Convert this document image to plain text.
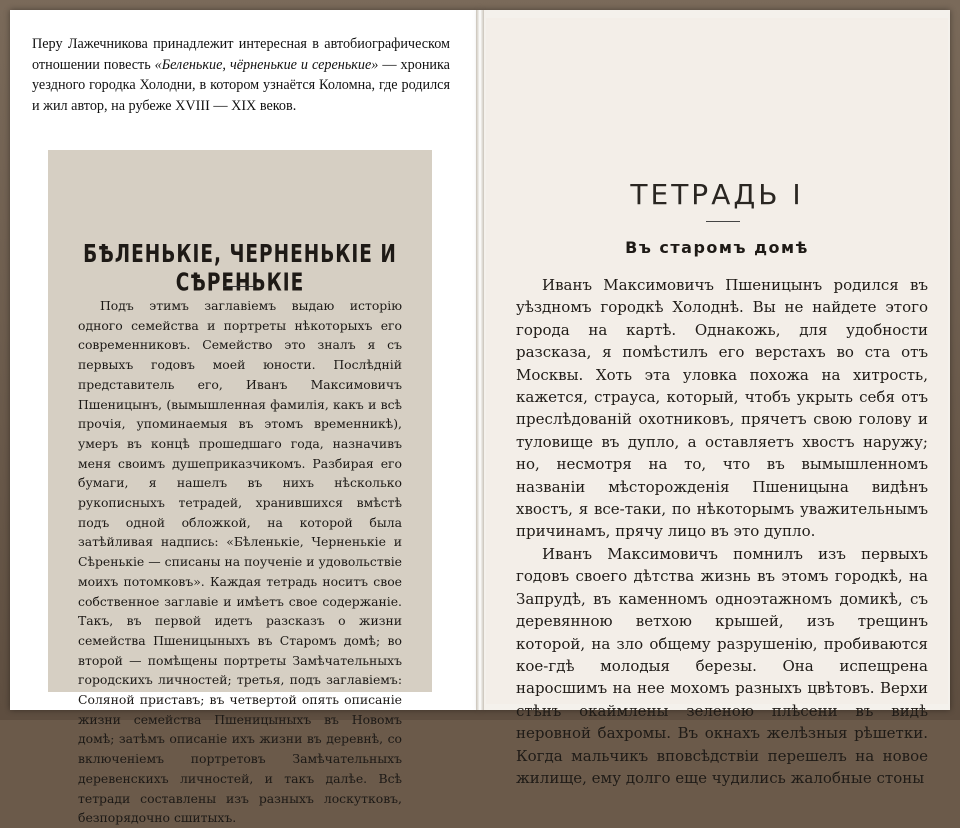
Перу Лажечникова принадлежит интересная в автобиографическом отношении повесть «Беленькие, чёрненькие и серенькие» — хроника уездного городка Холодни, в котором узнаётся Коломна, где родился и жил автор, на рубеже XVIII — XIX веков.
БѢЛЕНЬКІЕ, ЧЕРНЕНЬКІЕ И СѢРЕНЬКІЕ

Подъ этимъ заглавіемъ выдаю исторію одного семейства и портреты нѣкоторыхъ его современниковъ. Семейство это зналъ я съ первыхъ годовъ моей юности. Послѣдній представитель его, Иванъ Максимовичъ Пшеницынъ, (вымышленная фамилія, какъ и всѣ прочія, упоминаемыя въ этомъ временникѣ), умеръ въ концѣ прошедшаго года, назначивъ меня своимъ душеприказчикомъ. Разбирая его бумаги, я нашелъ въ нихъ нѣсколько рукописныхъ тетрадей, хранившихся вмѣстѣ подъ одной обложкой, на которой была затѣйливая надпись: «Бѣленькіе, Черненькіе и Сѣренькіе — списаны на поученіе и удовольствіе моихъ потомковъ». Каждая тетрадь носитъ свое собственное заглавіе и имѣетъ свое содержаніе. Такъ, въ первой идетъ разсказъ о жизни семейства Пшеницыныхъ въ Старомъ домѣ; во второй — помѣщены портреты Замѣчательныхъ городскихъ личностей; третья, подъ заглавіемъ: Соляной приставъ; въ четвертой опять описаніе жизни семейства Пшеницыныхъ въ Новомъ домѣ; затѣмъ описаніе ихъ жизни въ деревнѣ, со включеніемъ портретовъ Замѣчательныхъ деревенскихъ личностей, и такъ далѣе. Всѣ тетради составлены изъ разныхъ лоскутковъ, безпорядочно сшитыхъ.

ТЕТРАДЬ I
Въ старомъ домѣ

Иванъ Максимовичъ Пшеницынъ родился въ уѣздномъ городкѣ Холоднѣ. Вы не найдете этого города на картѣ. Однакожь, для удобности разсказа, я помѣстилъ его верстахъ во ста отъ Москвы. Хоть эта уловка похожа на хитрость, кажется, страуса, который, чтобъ укрыть себя отъ преслѣдованій охотниковъ, прячетъ свою голову и туловище въ дупло, а оставляетъ хвостъ наружу; но, несмотря на то, что въ вымышленномъ названіи мѣсторожденія Пшеницына видѣнъ хвостъ, я все-таки, по нѣкоторымъ уважительнымъ причинамъ, прячу лицо въ это дупло.

Иванъ Максимовичъ помнилъ изъ первыхъ годовъ своего дѣтства жизнь въ этомъ городкѣ, на Запрудѣ, въ каменномъ одноэтажномъ домикѣ, съ деревянною ветхою крышей, изъ трещинъ которой, на зло общему разрушенію, пробиваются кое-гдѣ молодыя березы. Она испещрена наросшимъ на нее мохомъ разныхъ цвѣтовъ. Верхи стѣнъ окаймлены зеленою плѣсени въ видѣ неровной бахромы. Въ окнахъ желѣзныя рѣшетки. Когда мальчикъ вповсѣдствіи перешелъ на новое жилище, ему долго еще чудились жалобные стоны
